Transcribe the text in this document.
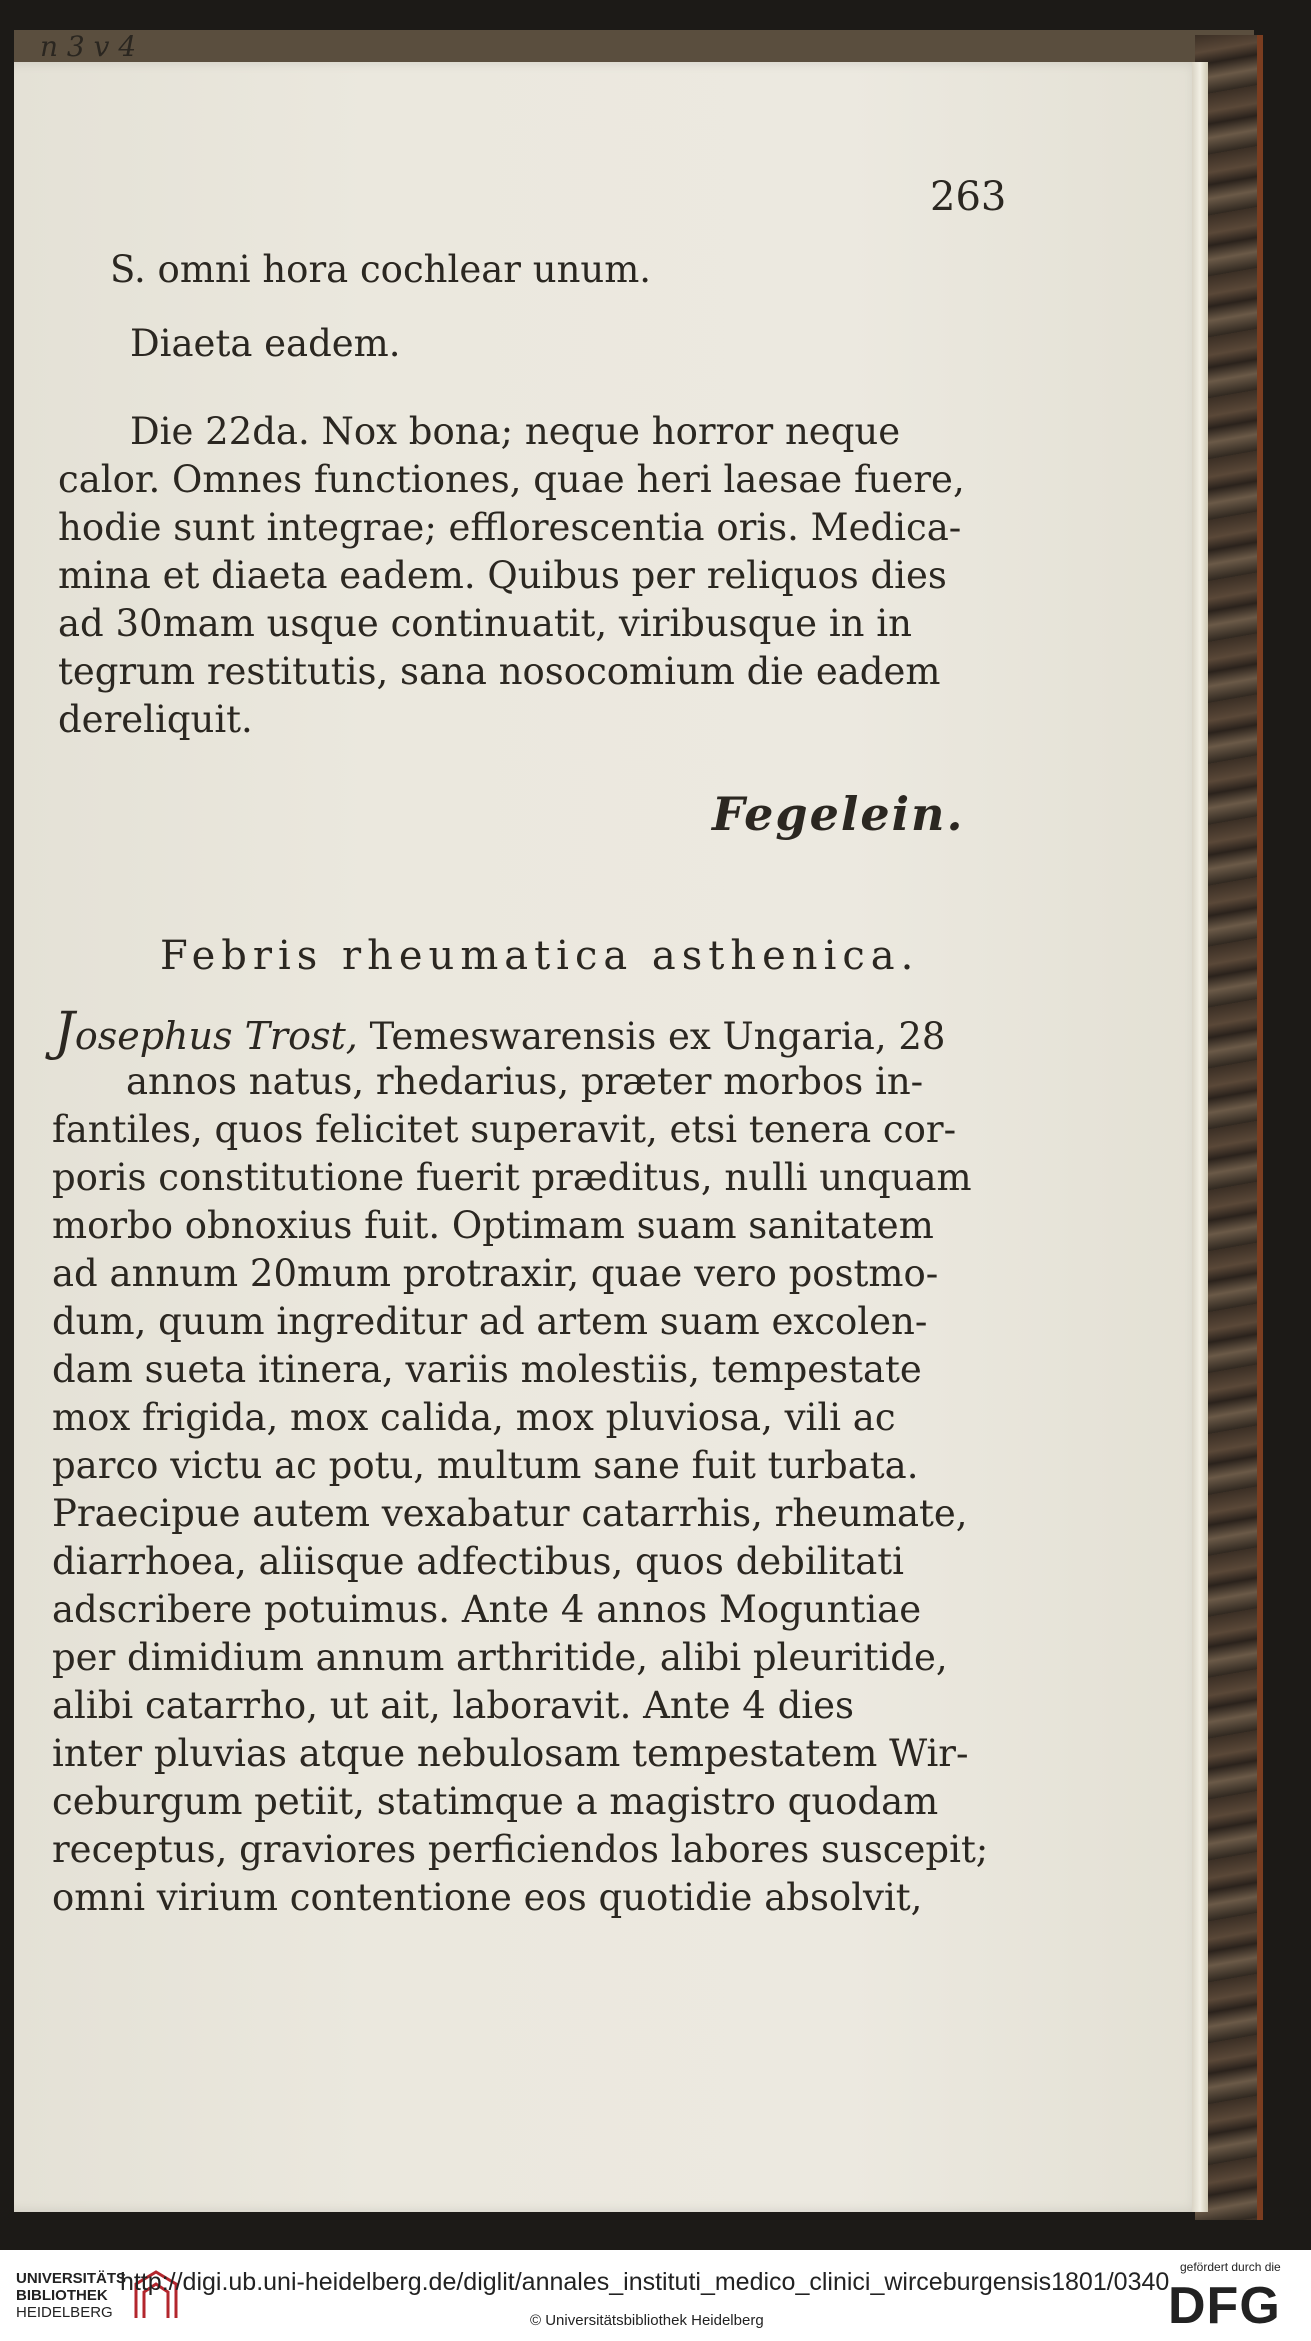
n 3 v 4
263
S. omni hora cochlear unum.
Diaeta eadem.
Die 22da. Nox bona; neque horror neque
calor. Omnes functiones, quae heri laesae fuere,
hodie sunt integrae; efflorescentia oris. Medica-
mina et diaeta eadem. Quibus per reliquos dies
ad 30mam usque continuatit, viribusque in in
tegrum restitutis, sana nosocomium die eadem
dereliquit.
Fegelein.
Febris rheumatica asthenica.
Josephus Trost, Temeswarensis ex Ungaria, 28
annos natus, rhedarius, præter morbos in-
fantiles, quos felicitet superavit, etsi tenera cor-
poris constitutione fuerit præditus, nulli unquam
morbo obnoxius fuit. Optimam suam sanitatem
ad annum 20mum protraxir, quae vero postmo-
dum, quum ingreditur ad artem suam excolen-
dam sueta itinera, variis molestiis, tempestate
mox frigida, mox calida, mox pluviosa, vili ac
parco victu ac potu, multum sane fuit turbata.
Praecipue autem vexabatur catarrhis, rheumate,
diarrhoea, aliisque adfectibus, quos debilitati
adscribere potuimus. Ante 4 annos Moguntiae
per dimidium annum arthritide, alibi pleuritide,
alibi catarrho, ut ait, laboravit. Ante 4 dies
inter pluvias atque nebulosam tempestatem Wir-
ceburgum petiit, statimque a magistro quodam
receptus, graviores perficiendos labores suscepit;
omni virium contentione eos quotidie absolvit,
UNIVERSITÄTS
BIBLIOTHEK
HEIDELBERG
http://digi.ub.uni-heidelberg.de/diglit/annales_instituti_medico_clinici_wirceburgensis1801/0340
© Universitätsbibliothek Heidelberg
gefördert durch die
DFG
